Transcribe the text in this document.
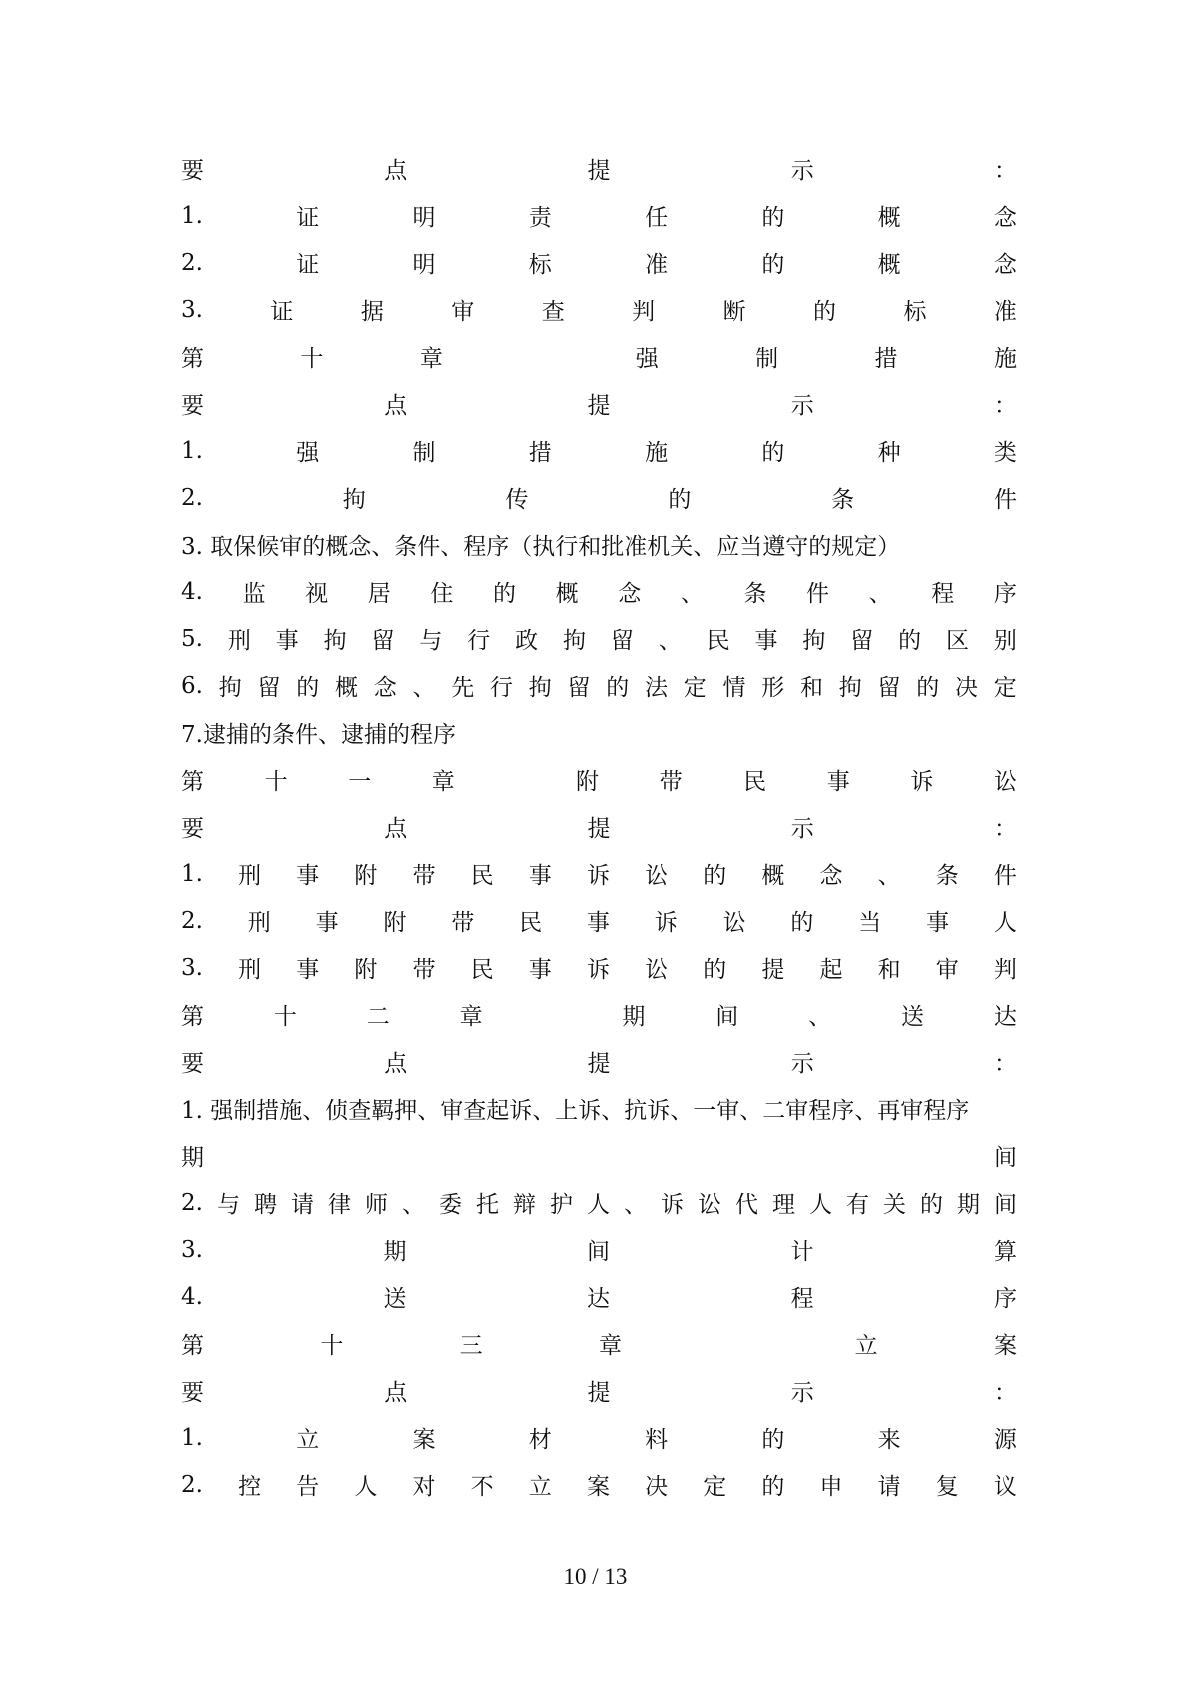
要	点	提	示	：
1.	证	明	责	任	的	概	念
2.	证	明	标	准	的	概	念
3.	证	据	审	查	判	断	的	标	准
第	十	章	强	制	措	施
要	点	提	示	：
1.	强	制	措	施	的	种	类
2.	拘	传	的	条	件
3. 取保候审的概念、条件、程序（执行和批准机关、应当遵守的规定）
4. 监 视 居 住 的 概 念 、 条 件 、 程 序
5. 刑 事 拘 留 与 行 政 拘 留 、 民 事 拘 留 的 区 别
6. 拘 留 的 概 念 、 先 行 拘 留 的 法 定 情 形 和 拘 留 的 决 定
7.逮捕的条件、逮捕的程序
第	十	一	章	附	带	民	事	诉	讼
要	点	提	示	：
1. 刑 事 附 带 民 事 诉 讼 的 概 念 、 条 件
2. 刑 事 附 带 民 事 诉 讼 的 当 事 人
3. 刑 事 附 带 民 事 诉 讼 的 提 起 和 审 判
第	十	二	章	期	间	、	送	达
要	点	提	示	：
1. 强制措施、侦查羁押、审查起诉、上诉、抗诉、一审、二审程序、再审程序
期	间
2. 与 聘 请 律 师 、 委 托 辩 护 人 、 诉 讼 代 理 人 有 关 的 期 间
3.	期	间	计	算
4.	送	达	程	序
第	十	三	章	立	案
要	点	提	示	：
1.	立	案	材	料	的	来	源
2. 控 告 人 对 不 立 案 决 定 的 申 请 复 议
10 / 13
